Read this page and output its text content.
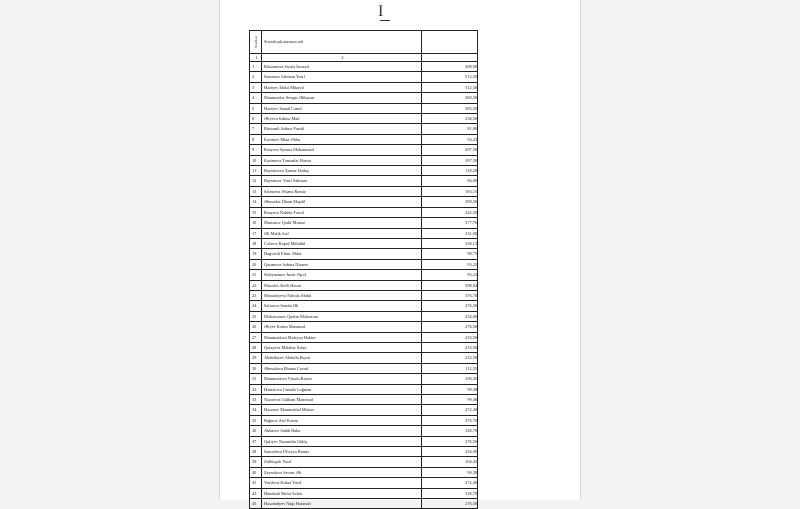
I
Sıra№-si	Soyadı,adı,atasının adı	
1	2	
1	Rüstəmova Siyalə İsmayıl	308,00
2	Səmənov Səbinən Yusif	512,50
3	Həziyev İdalət Mikayıl	512,50
4	Məmmədov Sevgar Əlihəsən	369,50
5	Həziyev İsmail Cəmil	385,50
6	Əliyeva Səbinə Mail	236,50
7	Rüstəmli Səbinə Fəzuli	81,00
8	Kərimov Mina Əldar	93,23
9	Rzayeva Aynurə Məhəmməd	207,50
10	Kərimova Təmənlər Həzrət	197,50
11	Bayramova Xumar Dadaş	118,20
12	Bayramov Yusif Səbinən	84,00
13	Səlimova Əfsanə Ramiz	183,15
14	Əhmədov İlham Məşdil	399,50
15	Rzayeva Nəhidə Fərrul	242,50
16	Murtazov Qadir Murtaz	377,76
17	Əli Məlik Arif	331,00
18	Cəfərov Rəşad Mühübil	338,13
19	Hagverdi Elnur Əldar	98,75
20	Qasımova Səbinə Nizami	93,23
21	Süleymanov İmdə Əşrəf	93,23
22	Musəfov Kefli Həsən	398,84
23	Mustafayeva Nahidə Abdul	376,70
24	Səfərova Saadət Əli	276,50
25	Məhərrəmov Qadim Məhərrəm	254,00
26	Əliyev Kərim Məmməd	276,50
27	Məmmədova Məleyxə Həkim	233,50
28	Qarayeva Məlahət Aslan	233,50
29	Abdullayev Abdulla Bayat	233,50
30	Əhmədova İlhamə Cavad	112,55
31	Məmmədova Vüsalə Rəsim	106,45
32	Həmətova Camalə Loğman	99,38
33	Nəzərova Gülbəni Məmməd	99,38
34	Həsənov Məmmədəd Mürtəz	272,40
35	Bağırov Arif Kərim	376,70
36	Abbasov Sahib Baba	328,70
37	Quliyev Nazmidin Gülüş	276,50
38	Səmədova Ülviyyə Ramiz	254,00
39	Zülfüqarlı Yusif	104,45
40	Zeynalova Sevinc Əli	99,38
41	Yusifova Kubra Yusif	272,40
42	Hümbətli Rüfət Aslan	328,70
43	Həsənaliyev Nağı Həsənəli	276,50
